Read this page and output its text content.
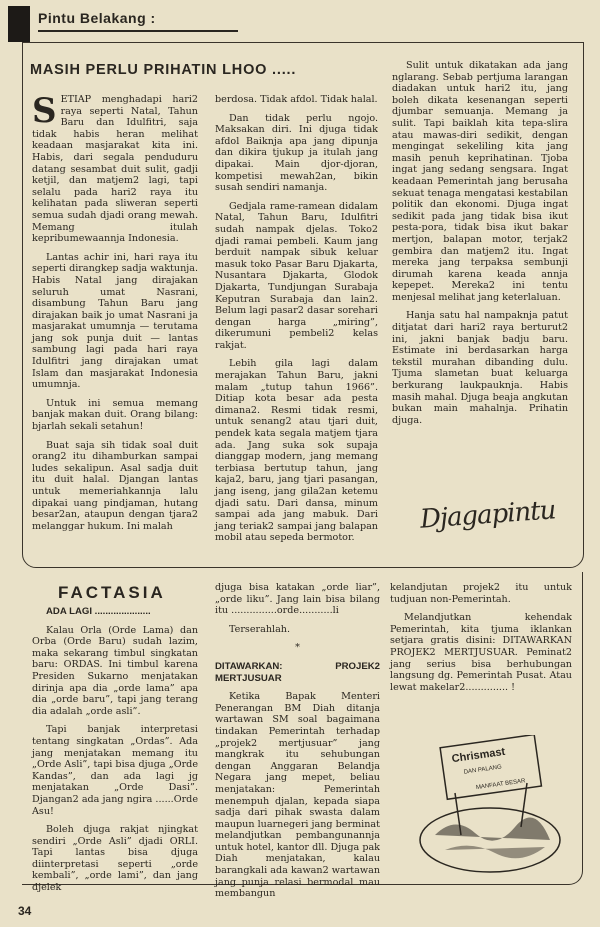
Pintu Belakang :
MASIH PERLU PRIHATIN LHOO .....

SETIAP menghadapi hari2 raya seperti Natal, Tahun Baru dan Idulfitri, saja tidak habis heran melihat keadaan masjarakat kita ini. Habis, dari segala penduduru datang sesambat duit sulit, gadji ketjil, dan matjem2 lagi, tapi selalu pada hari2 raya itu kelihatan pada sliweran seperti semua sudah djadi orang mewah. Memang itulah kepribumewaannja Indonesia.

Lantas achir ini, hari raya itu seperti dirangkep sadja waktunja. Habis Natal jang dirajakan seluruh umat Nasrani, disambung Tahun Baru jang dirajakan baik jo umat Nasrani ja masjarakat umumnja — terutama jang sok punja duit — lantas sambung lagi pada hari raya Idulfitri jang dirajakan umat Islam dan masjarakat Indonesia umumnja.

Untuk ini semua memang banjak makan duit. Orang bilang: bjarlah sekali setahun!

Buat saja sih tidak soal duit orang2 itu dihamburkan sampai ludes sekalipun. Asal sadja duit itu duit halal. Djangan lantas untuk memeriahkannja lalu dipakai uang pindjaman, hutang besar2an, ataupun dengan tjara2 melanggar hukum. Ini malah

berdosa. Tidak afdol. Tidak halal.

Dan tidak perlu ngojo. Maksakan diri. Ini djuga tidak afdol Baiknja apa jang dipunja dan dikira tjukup ja itulah jang dipakai. Main djor-djoran, kompetisi mewah2an, bikin susah sendiri namanja.

Gedjala rame-ramean didalam Natal, Tahun Baru, Idulfitri sudah nampak djelas. Toko2 djadi ramai pembeli. Kaum jang berduit nampak sibuk keluar masuk toko Pasar Baru Djakarta, Nusantara Djakarta, Glodok Djakarta, Tundjungan Surabaja Keputran Surabaja dan lain2. Belum lagi pasar2 dasar sorehari dengan harga „miring”, dikerumuni pembeli2 kelas rakjat.

Lebih gila lagi dalam merajakan Tahun Baru, jakni malam „tutup tahun 1966”. Ditiap kota besar ada pesta dimana2. Resmi tidak resmi, untuk senang2 atau tjari duit, pendek kata segala matjem tjara ada. Jang suka sok supaja dianggap modern, jang memang terbiasa bertutup tahun, jang kaja2, baru, jang tjari pasangan, jang iseng, jang gila2an ketemu djadi satu. Dari dansa, minum sampai ada jang mabuk. Dari jang teriak2 sampai jang balapan mobil atau sepeda bermotor.

Sulit untuk dikatakan ada jang nglarang. Sebab pertjuma larangan diadakan untuk hari2 itu, jang boleh dikata kesenangan seperti djumbar semuanja. Memang ja sulit. Tapi baiklah kita tepa-slira atau mawas-diri sedikit, dengan mengingat sekeliling kita jang masih penuh keprihatinan. Tjoba ingat jang sedang sengsara. Ingat keadaan Pemerintah jang berusaha sekuat tenaga mengatasi kestabilan politik dan ekonomi. Djuga ingat sedikit pada jang tidak bisa ikut pesta-pora, tidak bisa ikut bakar mertjon, balapan motor, terjak2 gembira dan matjem2 itu. Ingat mereka jang terpaksa sembunji dirumah karena keada annja kepepet. Mereka2 ini tentu menjesal melihat jang keterlaluan.

Hanja satu hal nampaknja patut ditjatat dari hari2 raya berturut2 ini, jakni banjak badju baru. Estimate ini berdasarkan harga tekstil murahan dibanding dulu. Tjuma slametan buat keluarga berkurang laukpauknja. Habis masih mahal. Djuga beaja angkutan bukan main mahalnja. Prihatin djuga.

Djagapintu
FACTASIA

ADA LAGI .....................

Kalau Orla (Orde Lama) dan Orba (Orde Baru) sudah lazim, maka sekarang timbul singkatan baru: ORDAS. Ini timbul karena Presiden Sukarno menjatakan dirinja apa dia „orde lama” apa dia „orde baru”, tapi jang terang dia adalah „orde asli”.

Tapi banjak interpretasi tentang singkatan „Ordas”. Ada jang menjatakan memang itu „Orde Asli”, tapi bisa djuga „Orde Kandas”, dan ada lagi jg menjatakan „Orde Dasi”. Djangan2 ada jang ngira ......Orde Asu!

Boleh djuga rakjat njingkat sendiri „Orde Asli” djadi ORLI. Tapi lantas bisa djuga diinterpretasi seperti „orde kembali”, „orde lami”, dan jang djelek

djuga bisa katakan „orde liar”, „orde liku”. Jang lain bisa bilang itu ...............orde...........li

Terserahlah.

*

DITAWARKAN: PROJEK2 MERTJUSUAR

Ketika Bapak Menteri Penerangan BM Diah ditanja wartawan SM soal bagaimana tindakan Pemerintah terhadap „projek2 mertjusuar” jang mangkrak itu sehubungan dengan Anggaran Belandja Negara jang mepet, beliau menjatakan: Pemerintah menempuh djalan, kepada siapa sadja dari pihak swasta dalam maupun luarnegeri jang berminat melandjutkan pembangunannja untuk hotel, kantor dll. Djuga pak Diah menjatakan, kalau barangkali ada kawan2 wartawan jang punja relasi bermodal mau membangun

kelandjutan projek2 itu untuk tudjuan non-Pemerintah.

Melandjutkan kehendak Pemerintah, kita tjuma iklankan setjara gratis disini: DITAWARKAN PROJEK2 MERTJUSUAR. Peminat2 jang serius bisa berhubungan langsung dg. Pemerintah Pusat. Atau lewat makelar2.............. !

Chrismast
DAN PALANG
MANFAAT BESAR
34
